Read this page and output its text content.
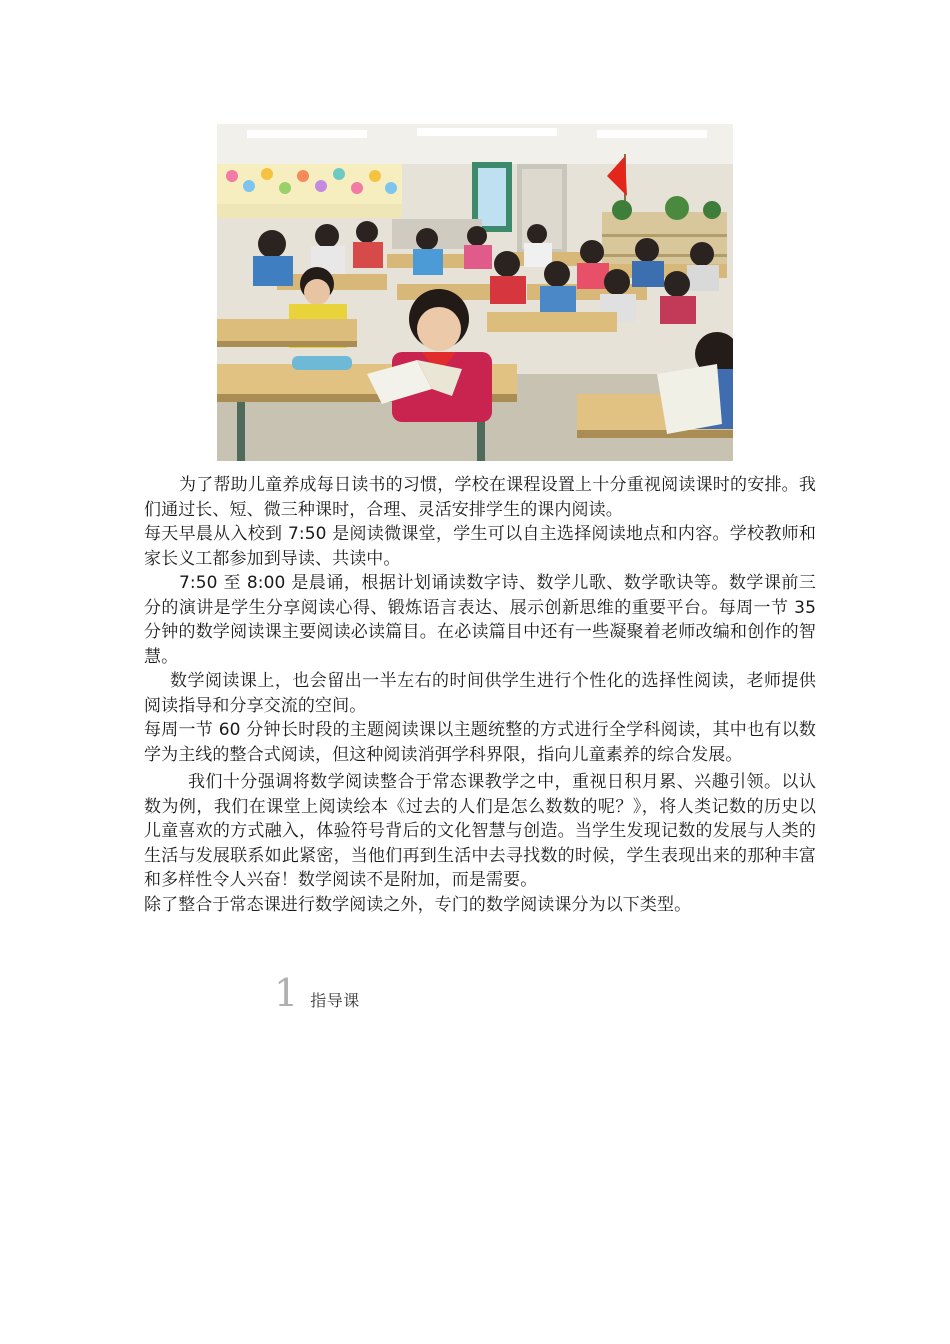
为了帮助儿童养成每日读书的习惯，学校在课程设置上十分重视阅读课时的安排。我们通过长、短、微三种课时，合理、灵活安排学生的课内阅读。

每天早晨从入校到 7:50 是阅读微课堂，学生可以自主选择阅读地点和内容。学校教师和家长义工都参加到导读、共读中。

7:50 至 8:00 是晨诵，根据计划诵读数字诗、数学儿歌、数学歌诀等。数学课前三分的演讲是学生分享阅读心得、锻炼语言表达、展示创新思维的重要平台。每周一节 35 分钟的数学阅读课主要阅读必读篇目。在必读篇目中还有一些凝聚着老师改编和创作的智慧。

数学阅读课上，也会留出一半左右的时间供学生进行个性化的选择性阅读，老师提供阅读指导和分享交流的空间。

每周一节 60 分钟长时段的主题阅读课以主题统整的方式进行全学科阅读，其中也有以数学为主线的整合式阅读，但这种阅读消弭学科界限，指向儿童素养的综合发展。

我们十分强调将数学阅读整合于常态课教学之中，重视日积月累、兴趣引领。以认数为例，我们在课堂上阅读绘本《过去的人们是怎么数数的呢？》，将人类记数的历史以儿童喜欢的方式融入，体验符号背后的文化智慧与创造。当学生发现记数的发展与人类的生活与发展联系如此紧密，当他们再到生活中去寻找数的时候，学生表现出来的那种丰富和多样性令人兴奋！数学阅读不是附加，而是需要。

除了整合于常态课进行数学阅读之外，专门的数学阅读课分为以下类型。

1 指导课
